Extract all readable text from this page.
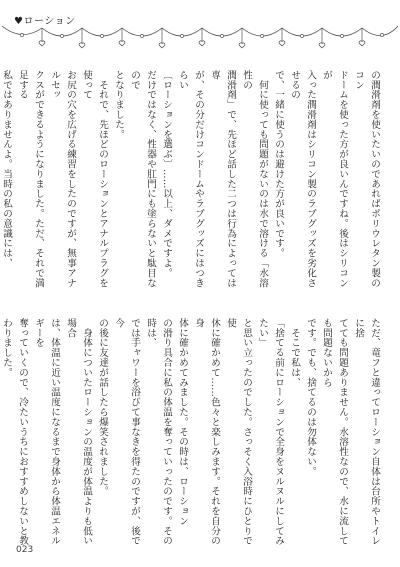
♥ローション
の潤滑剤を使いたいのであればポリウレタン製のコン
ドームを使った方が良いんですね。後はシリコンが
入った潤滑剤はシリコン製のラブグッズを劣化させるの
で、一緒に使うのは避けた方が良いです。
　何に使っても問題がないのは水で溶ける「水溶性の
潤滑剤」で、先ほど話した二つは行為によっては専
が、その分だけコンドームやラブグッズにはつきらい
〔ローションを選ぶ〕……以上、ダメですよ。
だけではなく、性器や肛門にも塗らないと駄目なので
となりました。
　それで、先ほどのローションとアナルプラグを使って
お尻の穴を広げる練習をしたのですが、無事アナルセッ
クスができるようになりました。ただ、それで満足する
私ではありませんよ。当時の私の意識には、

ただ、竜フと違ってローション自体は台所やトイレに捨
てても問題ありません。水溶性なので、水に流しても問題ないから
です。でも、捨てるのは勿体ない。
　そこで私は、
「捨てる前にローションで全身をヌルヌルにしてみたい」
と思い立ったのでした。さっそく入浴時にひとりで使
休に確かめて……色々と楽しみます。それを自分の身
体に確かめてみました。その時は、ローション
の滑り具合に私の体温を奪っていったのです。その時は、
では手ャワーを浴びて事なきを得たのですが、後で今
の後に友達が話したら爆笑されました。
　身体についたローションの温度が体温よりも低い場合
は、体温に近い温度になるまで身体から体温エネルギーを
奪っていくので、冷たいうちにおすすめしないと教わりました。

023
